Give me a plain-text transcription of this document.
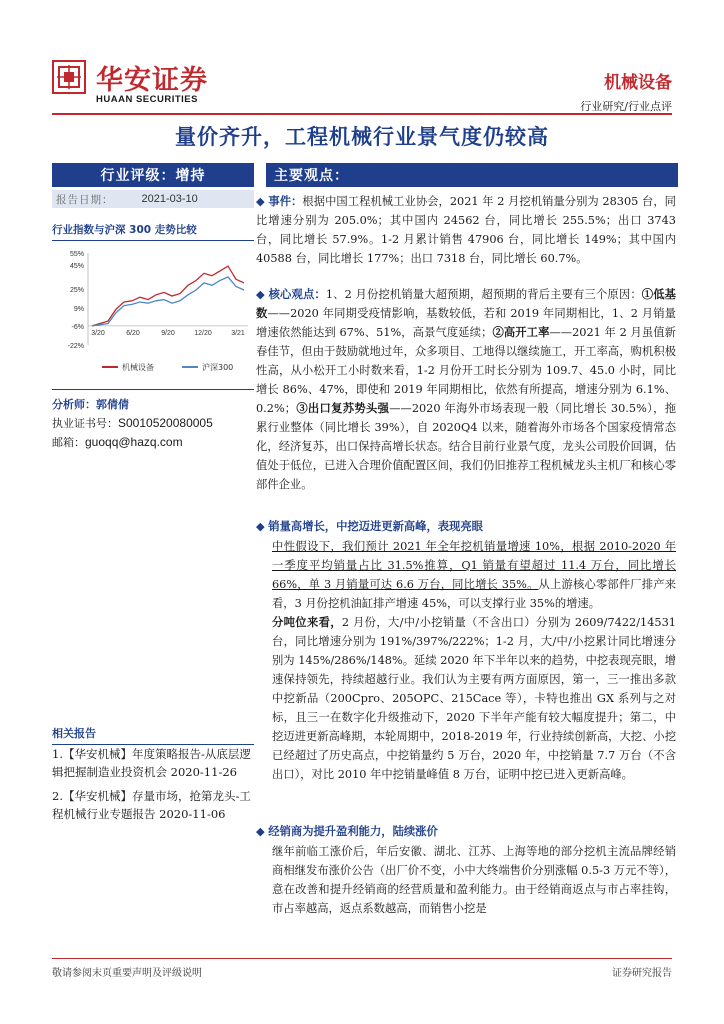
华安证券
HUAAN SECURITIES
机械设备
行业研究/行业点评
量价齐升，工程机械行业景气度仍较高
行业评级：增持
报告日期：	2021-03-10
行业指数与沪深 300 走势比较
55%
45%
25%
9%
-6%
-22%
3/20	6/20	9/20	12/20	3/21
机械设备	沪深300
分析师：郭倩倩
执业证书号：S0010520080005
邮箱：guoqq@hazq.com
相关报告
1.【华安机械】年度策略报告-从底层逻辑把握制造业投资机会 2020-11-26
2.【华安机械】存量市场，抢第龙头-工程机械行业专题报告 2020-11-06
主要观点：
◆ 事件：根据中国工程机械工业协会，2021 年 2 月挖机销量分别为 28305 台，同比增速分别为 205.0%；其中国内 24562 台，同比增长 255.5%；出口 3743 台，同比增长 57.9%。1-2 月累计销售 47906 台，同比增长 149%；其中国内 40588 台，同比增长 177%；出口 7318 台，同比增长 60.7%。
◆ 核心观点：1、2 月份挖机销量大超预期，超预期的背后主要有三个原因：①低基数——2020 年同期受疫情影响，基数较低，若和 2019 年同期相比，1、2 月销量增速依然能达到 67%、51%，高景气度延续；②高开工率——2021 年 2 月虽值新春佳节，但由于鼓励就地过年，众多项目、工地得以继续施工，开工率高，购机积极性高，从小松开工小时数来看，1-2 月份开工时长分别为 109.7、45.0 小时，同比增长 86%、47%，即使和 2019 年同期相比，依然有所提高，增速分别为 6.1%、0.2%；③出口复苏势头强——2020 年海外市场表现一般（同比增长 30.5%），拖累行业整体（同比增长 39%），自 2020Q4 以来，随着海外市场各个国家疫情常态化，经济复苏，出口保持高增长状态。结合目前行业景气度，龙头公司股价回调，估值处于低位，已进入合理价值配置区间，我们仍旧推荐工程机械龙头主机厂和核心零部件企业。
◆ 销量高增长，中挖迈进更新高峰，表现亮眼
中性假设下，我们预计 2021 年全年挖机销量增速 10%，根据 2010-2020 年一季度平均销量占比 31.5%推算，Q1 销量有望超过 11.4 万台，同比增长 66%，单 3 月销量可达 6.6 万台，同比增长 35%。从上游核心零部件厂排产来看，3 月份挖机油缸排产增速 45%，可以支撑行业 35%的增速。
分吨位来看，2 月份，大/中/小挖销量（不含出口）分别为 2609/7422/14531 台，同比增速分别为 191%/397%/222%；1-2 月，大/中/小挖累计同比增速分别为 145%/286%/148%。延续 2020 年下半年以来的趋势，中挖表现亮眼，增速保持领先，持续超越行业。我们认为主要有两方面原因，第一，三一推出多款中挖新品（200Cpro、205OPC、215Cace 等），卡特也推出 GX 系列与之对标，且三一在数字化升级推动下，2020 下半年产能有较大幅度提升；第二，中挖迈进更新高峰期，本轮周期中，2018-2019 年，行业持续创新高，大挖、小挖已经超过了历史高点，中挖销量约 5 万台，2020 年，中挖销量 7.7 万台（不含出口），对比 2010 年中挖销量峰值 8 万台，证明中挖已进入更新高峰。
◆ 经销商为提升盈利能力，陆续涨价
继年前临工涨价后，年后安徽、湖北、江苏、上海等地的部分挖机主流品牌经销商相继发布涨价公告（出厂价不变，小中大终端售价分别涨幅 0.5-3 万元不等），意在改善和提升经销商的经营质量和盈利能力。由于经销商返点与市占率挂钩，市占率越高，返点系数越高，而销售小挖是
敬请参阅末页重要声明及评级说明	证券研究报告
